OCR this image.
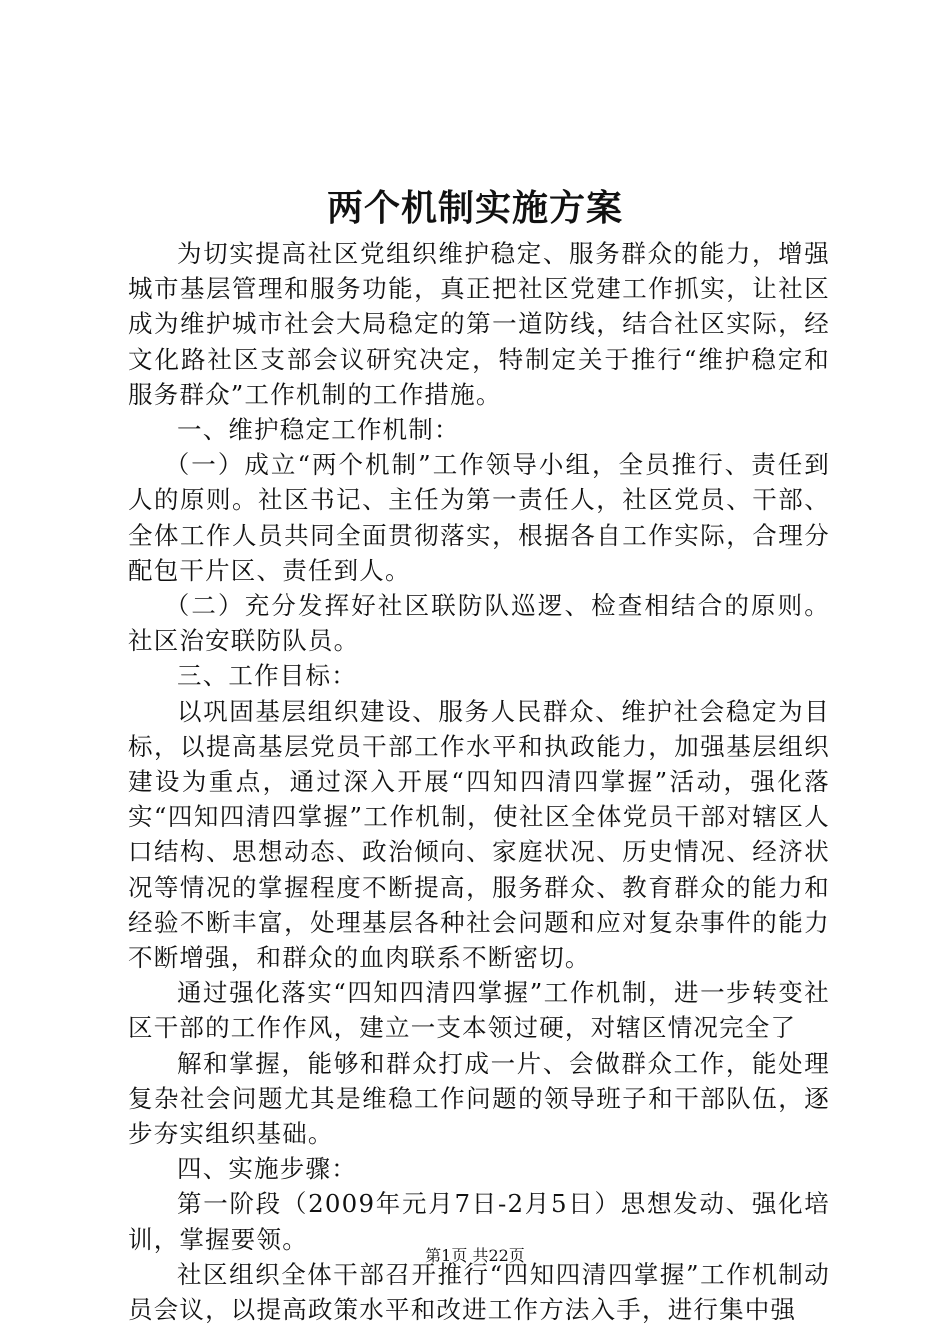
两个机制实施方案

为切实提高社区党组织维护稳定、服务群众的能力，增强城市基层管理和服务功能，真正把社区党建工作抓实，让社区成为维护城市社会大局稳定的第一道防线，结合社区实际，经文化路社区支部会议研究决定，特制定关于推行“维护稳定和服务群众”工作机制的工作措施。

一、维护稳定工作机制：

（一）成立“两个机制”工作领导小组，全员推行、责任到人的原则。社区书记、主任为第一责任人，社区党员、干部、全体工作人员共同全面贯彻落实，根据各自工作实际，合理分配包干片区、责任到人。

（二）充分发挥好社区联防队巡逻、检查相结合的原则。社区治安联防队员。

三、工作目标：

以巩固基层组织建设、服务人民群众、维护社会稳定为目标，以提高基层党员干部工作水平和执政能力，加强基层组织建设为重点，通过深入开展“四知四清四掌握”活动，强化落实“四知四清四掌握”工作机制，使社区全体党员干部对辖区人口结构、思想动态、政治倾向、家庭状况、历史情况、经济状况等情况的掌握程度不断提高，服务群众、教育群众的能力和经验不断丰富，处理基层各种社会问题和应对复杂事件的能力不断增强，和群众的血肉联系不断密切。

通过强化落实“四知四清四掌握”工作机制，进一步转变社区干部的工作作风，建立一支本领过硬，对辖区情况完全了

解和掌握，能够和群众打成一片、会做群众工作，能处理复杂社会问题尤其是维稳工作问题的领导班子和干部队伍，逐步夯实组织基础。

四、实施步骤：

第一阶段（2009年元月7日-2月5日）思想发动、强化培训，掌握要领。

社区组织全体干部召开推行“四知四清四掌握”工作机制动员会议，以提高政策水平和改进工作方法入手，进行集中强

第1页 共22页
